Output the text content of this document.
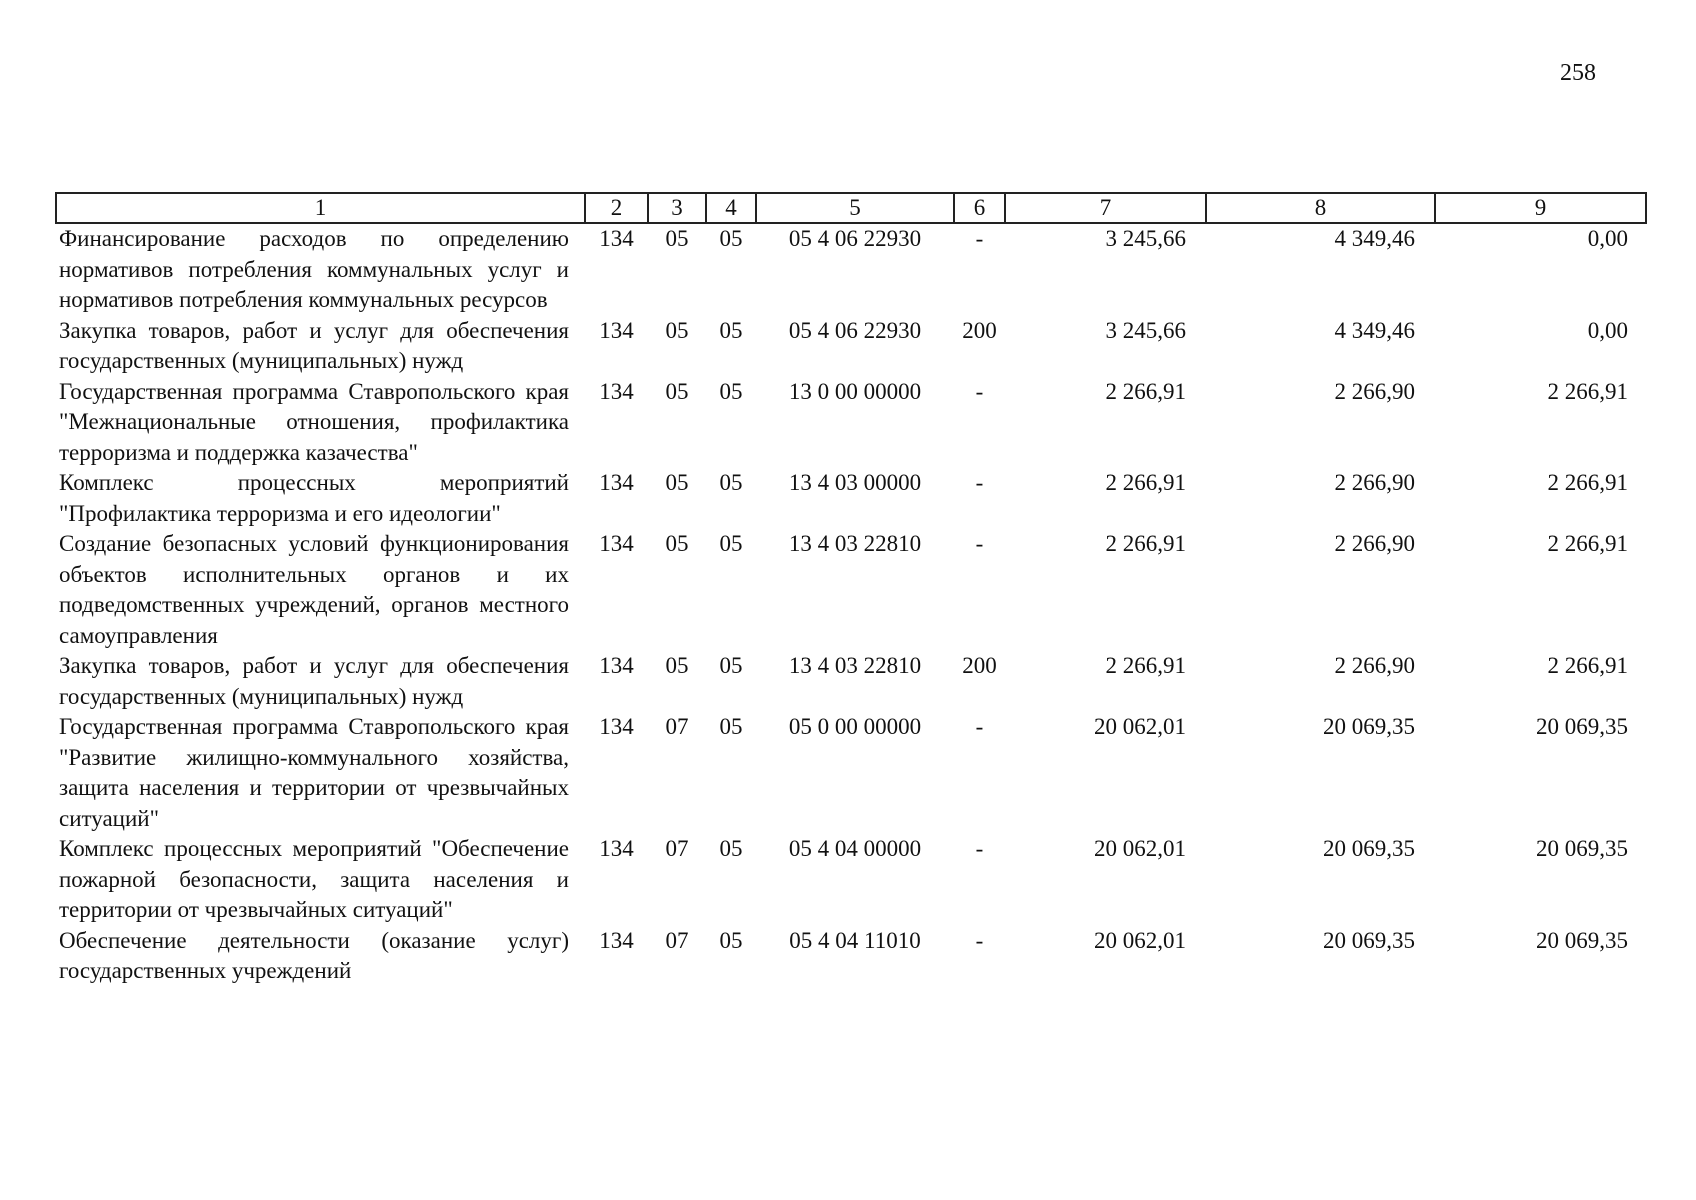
258
1	2	3	4	5	6	7	8	9
Финансирование расходов по определению нормативов потребления коммунальных услуг и нормативов потребления коммунальных ресурсов	134	05	05	05 4 06 22930	-	3 245,66	4 349,46	0,00
Закупка товаров, работ и услуг для обеспечения государственных (муниципальных) нужд	134	05	05	05 4 06 22930	200	3 245,66	4 349,46	0,00
Государственная программа Ставропольского края "Межнациональные отношения, профилактика терроризма и поддержка казачества"	134	05	05	13 0 00 00000	-	2 266,91	2 266,90	2 266,91
Комплекс процессных мероприятий "Профилактика терроризма и его идеологии"	134	05	05	13 4 03 00000	-	2 266,91	2 266,90	2 266,91
Создание безопасных условий функционирования объектов исполнительных органов и их подведомственных учреждений, органов местного самоуправления	134	05	05	13 4 03 22810	-	2 266,91	2 266,90	2 266,91
Закупка товаров, работ и услуг для обеспечения государственных (муниципальных) нужд	134	05	05	13 4 03 22810	200	2 266,91	2 266,90	2 266,91
Государственная программа Ставропольского края "Развитие жилищно-коммунального хозяйства, защита населения и территории от чрезвычайных ситуаций"	134	07	05	05 0 00 00000	-	20 062,01	20 069,35	20 069,35
Комплекс процессных мероприятий "Обеспечение пожарной безопасности, защита населения и территории от чрезвычайных ситуаций"	134	07	05	05 4 04 00000	-	20 062,01	20 069,35	20 069,35
Обеспечение деятельности (оказание услуг) государственных учреждений	134	07	05	05 4 04 11010	-	20 062,01	20 069,35	20 069,35
